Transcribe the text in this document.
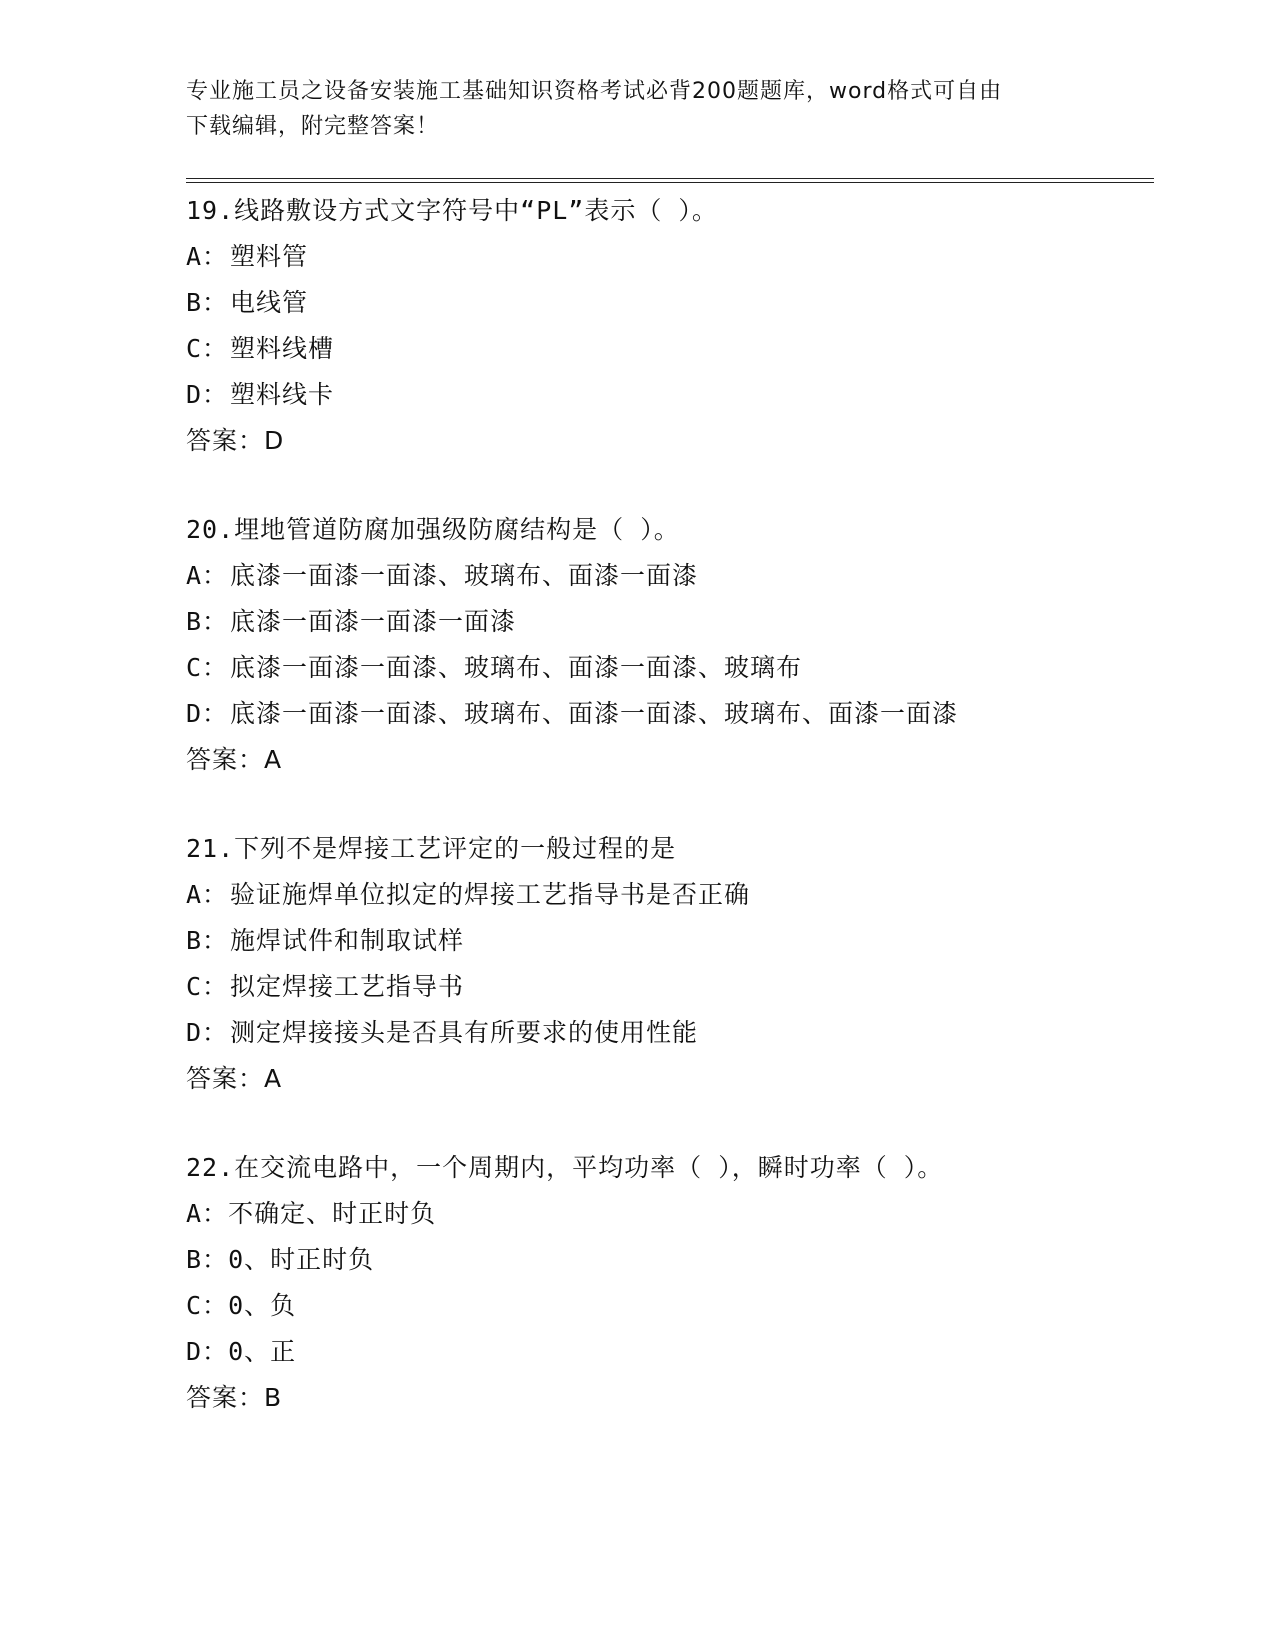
专业施工员之设备安装施工基础知识资格考试必背200题题库，word格式可自由
下载编辑，附完整答案！
19.线路敷设方式文字符号中“PL”表示（ ）。
A：塑料管
B：电线管
C：塑料线槽
D：塑料线卡
答案：D
20.埋地管道防腐加强级防腐结构是（ ）。
A：底漆一面漆一面漆、玻璃布、面漆一面漆
B：底漆一面漆一面漆一面漆
C：底漆一面漆一面漆、玻璃布、面漆一面漆、玻璃布
D：底漆一面漆一面漆、玻璃布、面漆一面漆、玻璃布、面漆一面漆
答案：A
21.下列不是焊接工艺评定的一般过程的是
A：验证施焊单位拟定的焊接工艺指导书是否正确
B：施焊试件和制取试样
C：拟定焊接工艺指导书
D：测定焊接接头是否具有所要求的使用性能
答案：A
22.在交流电路中，一个周期内，平均功率（ ），瞬时功率（ ）。
A：不确定、时正时负
B：0、时正时负
C：0、负
D：0、正
答案：B
